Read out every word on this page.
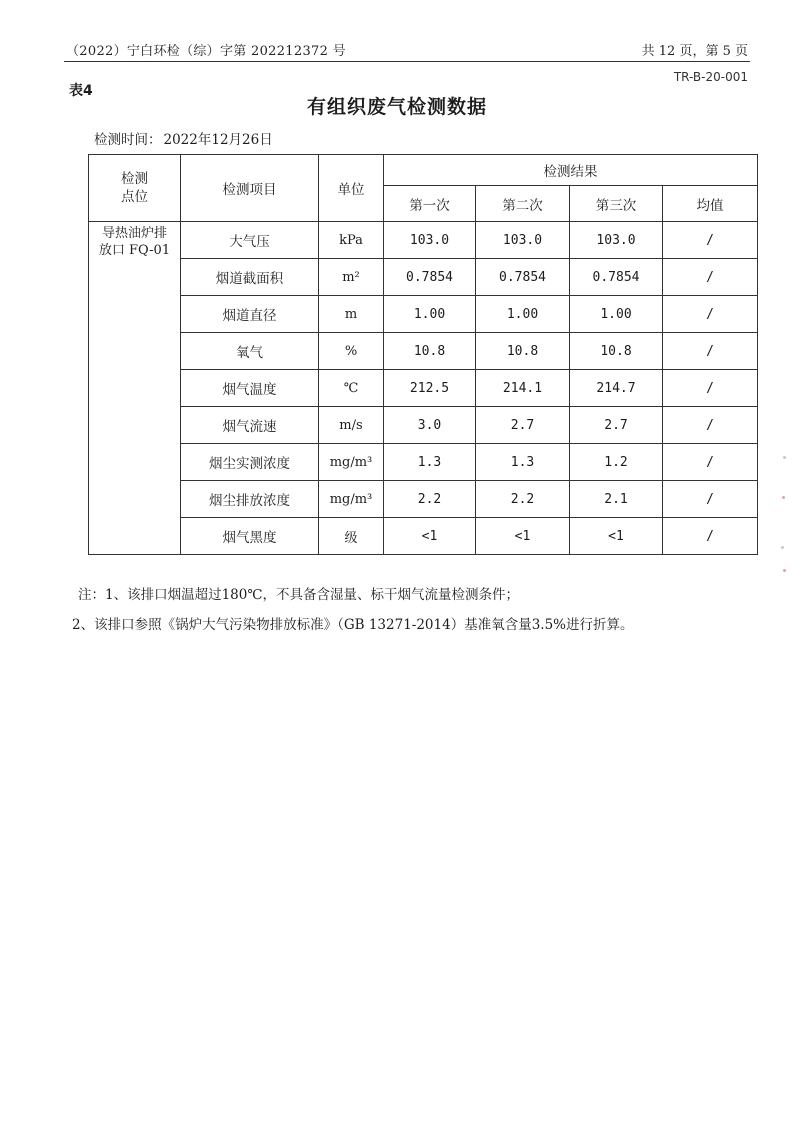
（2022）宁白环检（综）字第 202212372 号	共 12 页，第 5 页
TR-B-20-001
表4
有组织废气检测数据
检测时间： 2022年12月26日
检测
点位	检测项目	单位	检测结果			
			第一次	第二次	第三次	均值
导热油炉排
放口 FQ-01	大气压	kPa	103.0	103.0	103.0	/
	烟道截面积	m²	0.7854	0.7854	0.7854	/
	烟道直径	m	1.00	1.00	1.00	/
	氧气	%	10.8	10.8	10.8	/
	烟气温度	℃	212.5	214.1	214.7	/
	烟气流速	m/s	3.0	2.7	2.7	/
	烟尘实测浓度	mg/m³	1.3	1.3	1.2	/
	烟尘排放浓度	mg/m³	2.2	2.2	2.1	/
	烟气黑度	级	<1	<1	<1	/
注：1、该排口烟温超过180℃，不具备含湿量、标干烟气流量检测条件；
2、该排口参照《锅炉大气污染物排放标准》（GB 13271-2014）基准氧含量3.5%进行折算。
